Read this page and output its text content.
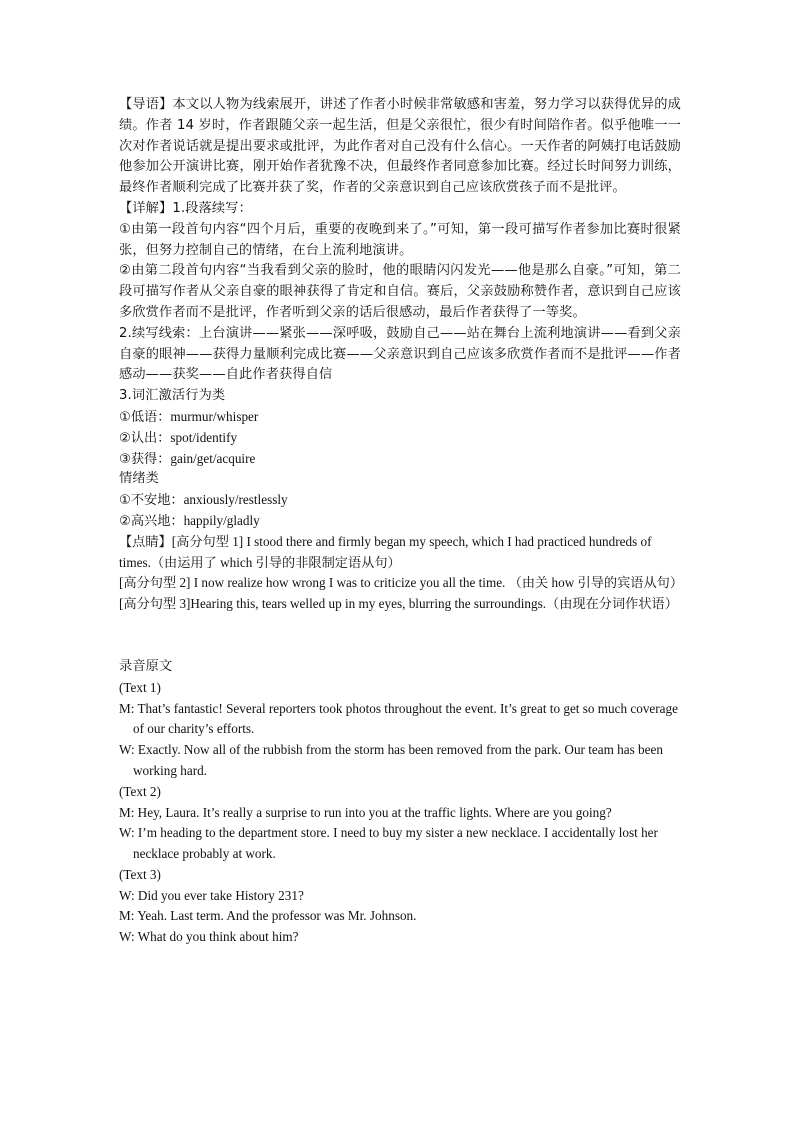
【导语】本文以人物为线索展开，讲述了作者小时候非常敏感和害羞，努力学习以获得优异的成绩。作者 14 岁时，作者跟随父亲一起生活，但是父亲很忙，很少有时间陪作者。似乎他唯一一次对作者说话就是提出要求或批评，为此作者对自己没有什么信心。一天作者的阿姨打电话鼓励他参加公开演讲比赛，刚开始作者犹豫不决，但最终作者同意参加比赛。经过长时间努力训练，最终作者顺利完成了比赛并获了奖，作者的父亲意识到自己应该欣赏孩子而不是批评。

【详解】1.段落续写：

①由第一段首句内容“四个月后，重要的夜晚到来了。”可知，第一段可描写作者参加比赛时很紧张，但努力控制自己的情绪，在台上流利地演讲。

②由第二段首句内容“当我看到父亲的脸时，他的眼睛闪闪发光——他是那么自豪。”可知，第二段可描写作者从父亲自豪的眼神获得了肯定和自信。赛后，父亲鼓励称赞作者，意识到自己应该多欣赏作者而不是批评，作者听到父亲的话后很感动，最后作者获得了一等奖。

2.续写线索：上台演讲——紧张——深呼吸，鼓励自己——站在舞台上流利地演讲——看到父亲自豪的眼神——获得力量顺利完成比赛——父亲意识到自己应该多欣赏作者而不是批评——作者感动——获奖——自此作者获得自信

3.词汇激活行为类

①低语：murmur/whisper

②认出：spot/identify

③获得：gain/get/acquire

情绪类

①不安地：anxiously/restlessly

②高兴地：happily/gladly

【点睛】[高分句型 1] I stood there and firmly began my speech, which I had practiced hundreds of times.（由运用了 which 引导的非限制定语从句）

[高分句型 2] I now realize how wrong I was to criticize you all the time. （由关 how 引导的宾语从句）

[高分句型 3]Hearing this, tears welled up in my eyes, blurring the surroundings.（由现在分词作状语）

录音原文

(Text 1)

M: That’s fantastic! Several reporters took photos throughout the event. It’s great to get so much coverage of our charity’s efforts.

W: Exactly. Now all of the rubbish from the storm has been removed from the park. Our team has been working hard.

(Text 2)

M: Hey, Laura. It’s really a surprise to run into you at the traffic lights. Where are you going?

W: I’m heading to the department store. I need to buy my sister a new necklace. I accidentally lost her necklace probably at work.

(Text 3)

W: Did you ever take History 231?

M: Yeah. Last term. And the professor was Mr. Johnson.

W: What do you think about him?
